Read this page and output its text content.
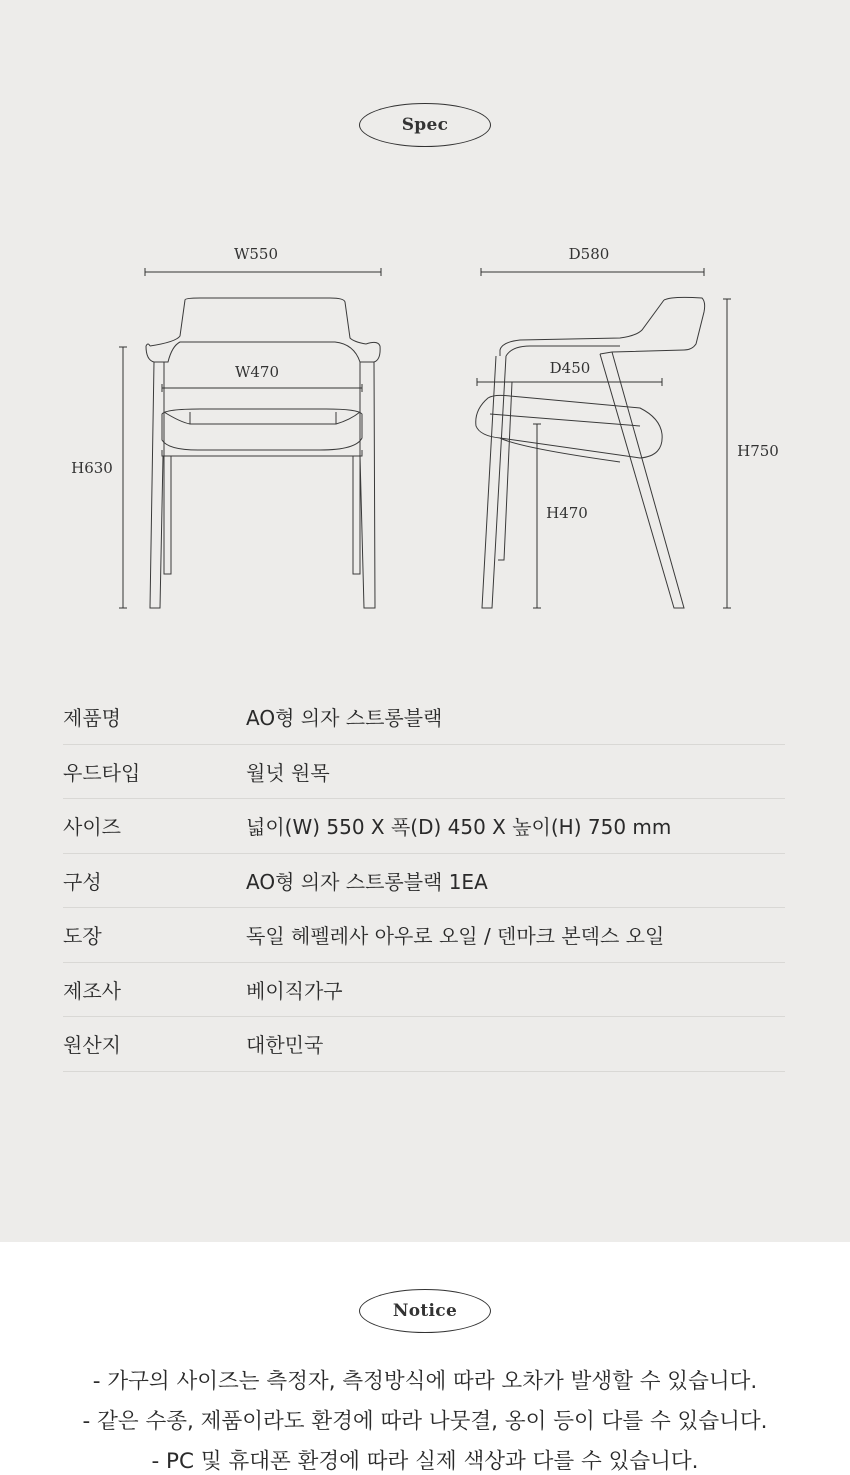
Spec
W550
W470
H630
D580
D450
H750
H470
제품명	AO형 의자 스트롱블랙
우드타입	월넛 원목
사이즈	넓이(W) 550 X 폭(D) 450 X 높이(H) 750 mm
구성	AO형 의자 스트롱블랙 1EA
도장	독일 헤펠레사 아우로 오일 / 덴마크 본덱스 오일
제조사	베이직가구
원산지	대한민국
Notice
- 가구의 사이즈는 측정자, 측정방식에 따라 오차가 발생할 수 있습니다.
- 같은 수종, 제품이라도 환경에 따라 나뭇결, 옹이 등이 다를 수 있습니다.
- PC 및 휴대폰 환경에 따라 실제 색상과 다를 수 있습니다.
